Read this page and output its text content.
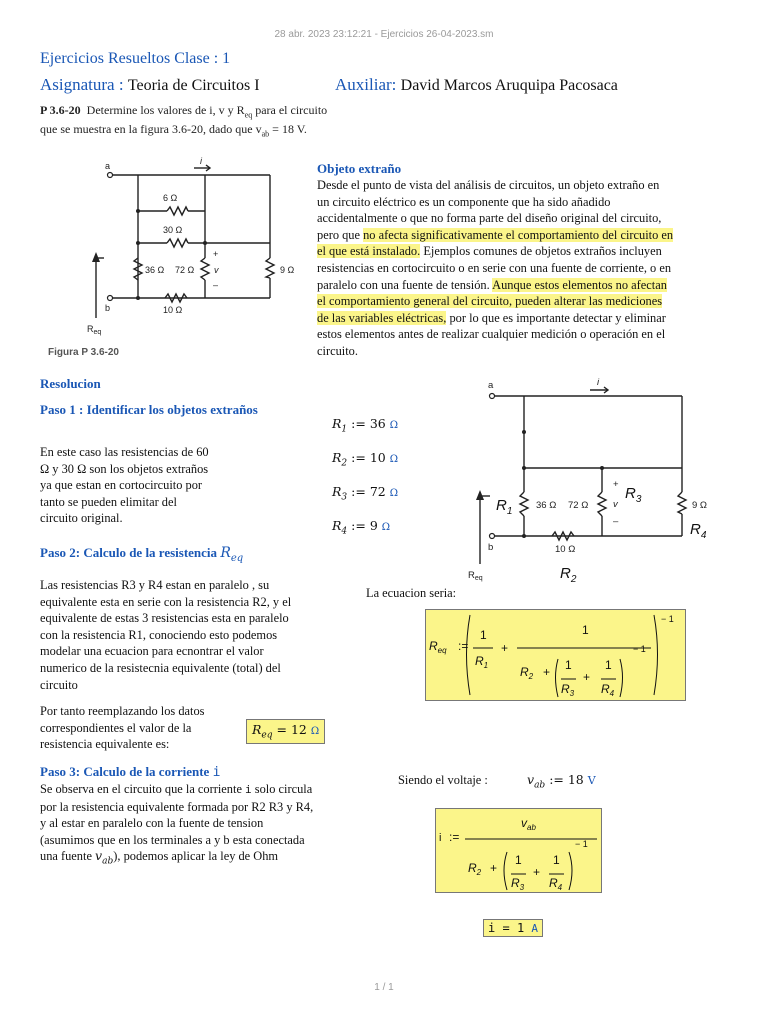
28 abr. 2023 23:12:21 - Ejercicios 26-04-2023.sm
Ejercicios Resueltos Clase : 1
Asignatura : Teoria de Circuitos I	Auxiliar: David Marcos Aruquipa Pacosaca
P 3.6-20 Determine los valores de i, v y $R_{eq}$ para el circuito
que se muestra en la figura 3.6-20, dado que $v_{ab} = 18$ V.
a
b
i
6 Ω
30 Ω
36 Ω 72 Ω	9 Ω
10 Ω
+
v
–
$R_{eq}$
Figura P 3.6-20
Objeto extraño
Desde el punto de vista del análisis de circuitos, un objeto extraño en
un circuito eléctrico es un componente que ha sido añadido
accidentalmente o que no forma parte del diseño original del circuito,
pero que no afecta significativamente el comportamiento del circuito en
el que está instalado. Ejemplos comunes de objetos extraños incluyen
resistencias en cortocircuito o en serie con una fuente de corriente, o en
paralelo con una fuente de tensión. Aunque estos elementos no afectan
el comportamiento general del circuito, pueden alterar las mediciones
de las variables eléctricas, por lo que es importante detectar y eliminar
estos elementos antes de realizar cualquier medición o operación en el
circuito.
Resolucion
Paso 1 : Identificar los objetos extraños
En este caso las resistencias de 60
Ω y 30 Ω son los objetos extraños
ya que estan en cortocircuito por
tanto se pueden elimitar del
circuito original.
$R_1$ := 36 Ω
$R_2$ := 10 Ω
$R_3$ := 72 Ω
$R_4$ := 9 Ω
a
b
i
36 Ω 72 Ω	9 Ω
10 Ω
+
v
–
$R_{eq}$
$R_1$
$R_2$
$R_3$
$R_4$
Paso 2: Calculo de la resistencia $R_{eq}$
Las resistencias R3 y R4 estan en paralelo , su
equivalente esta en serie con la resistencia R2, y el
equivalente de estas 3 resistencias esta en paralelo
con la resistencia R1, conociendo esto podemos
modelar una ecuacion para ecnontrar el valor
numerico de la resistecnia equivalente (total) del
circuito
Por tanto reemplazando los datos
correspondientes el valor de la
resistencia equivalente es:
$R_{eq} = 12$ Ω
La ecuacion seria:
$R_{eq}$ :=
1
$R_1$
+
1
$R_2 + 1$
$R_3$
+
1
$R_4$
− 1
− 1
Paso 3: Calculo de la corriente i
Se observa en el circuito que la corriente i solo circula
por la resistencia equivalente formada por R2 R3 y R4,
y al estar en paralelo con la fuente de tension
(asumimos que en los terminales a y b esta conectada
una fuente $v_{ab}$), podemos aplicar la ley de Ohm
Siendo el voltaje :	$v_{ab}$ := 18 V
i :=
$v_{ab}$
$R_2$ +
1
$R_3$
+
1
$R_4$
− 1
i = 1 A
1 / 1
